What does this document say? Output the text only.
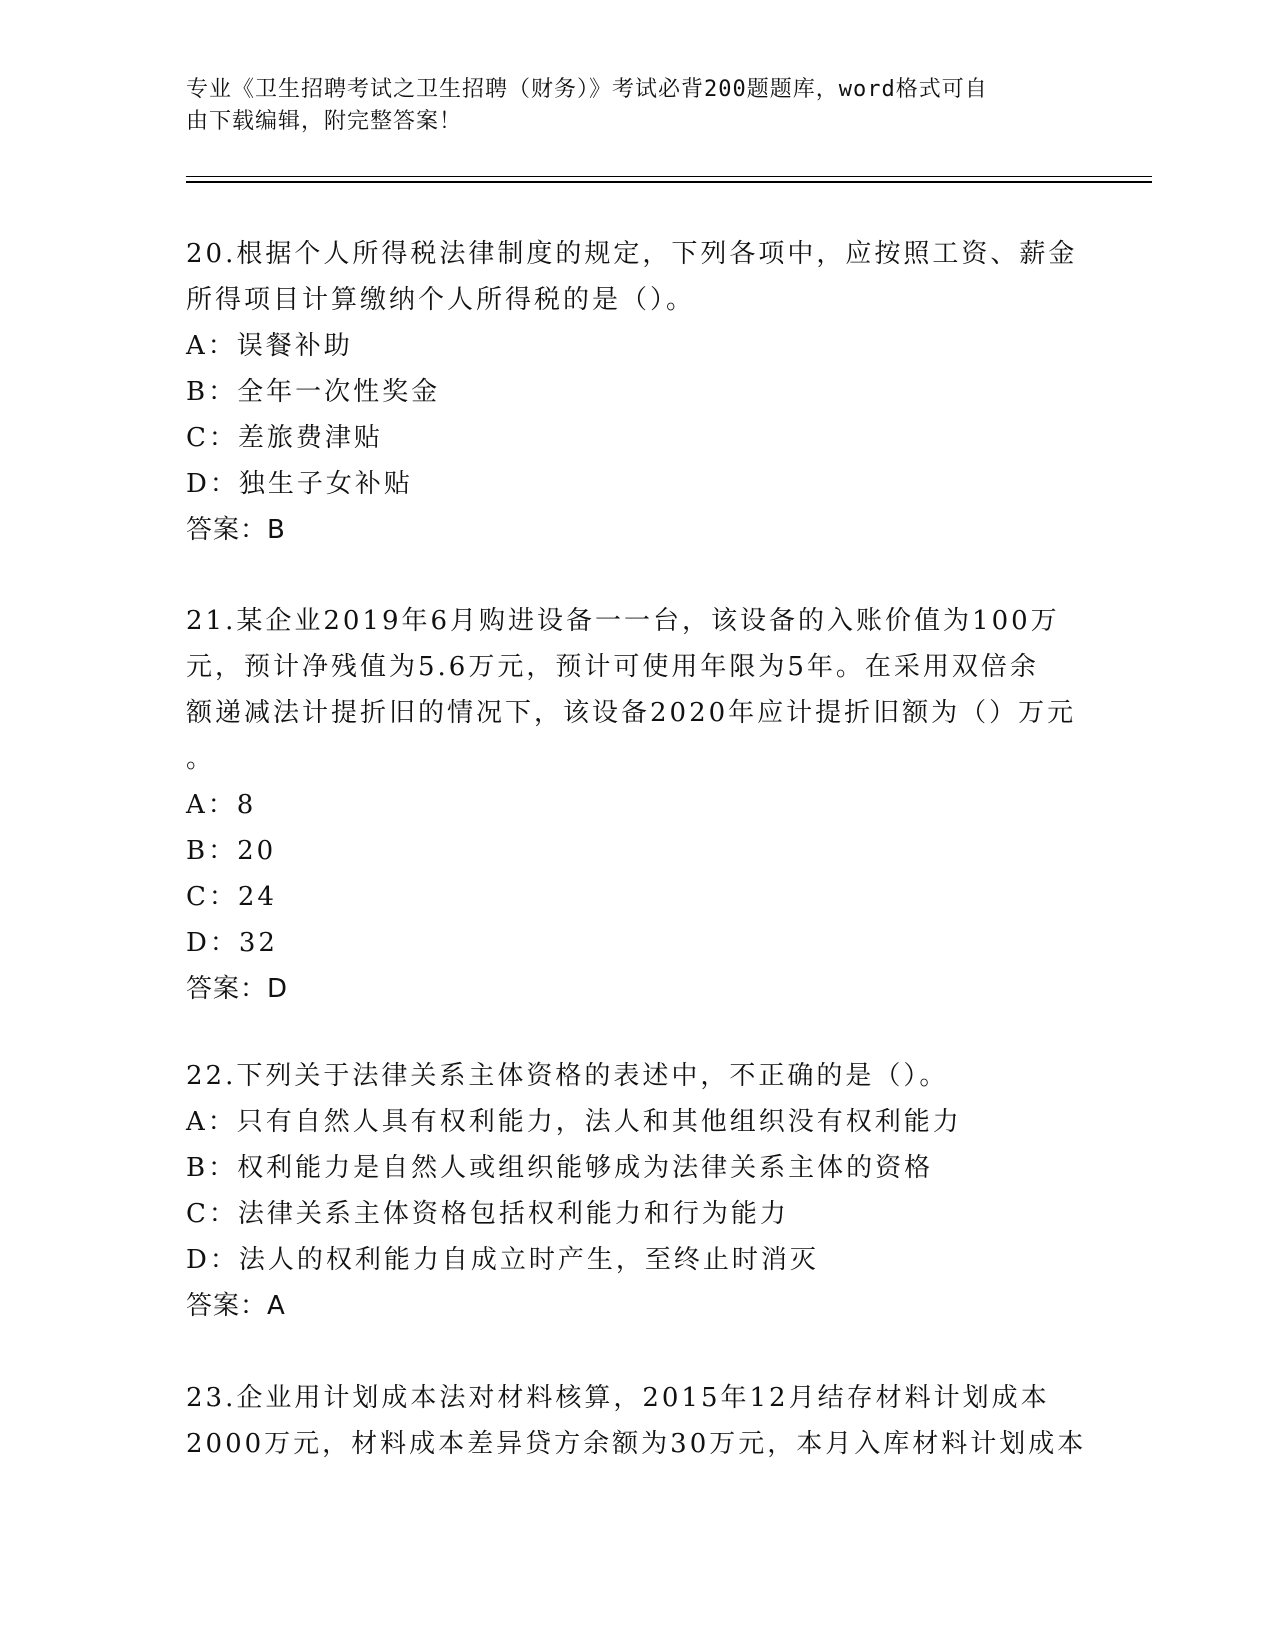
专业《卫生招聘考试之卫生招聘（财务）》考试必背200题题库，word格式可自
由下载编辑，附完整答案！

20.根据个人所得税法律制度的规定，下列各项中，应按照工资、薪金

所得项目计算缴纳个人所得税的是（）。

A：误餐补助
B：全年一次性奖金
C：差旅费津贴
D：独生子女补贴

答案：B

21.某企业2019年6月购进设备一一台，该设备的入账价值为100万

元，预计净残值为5.6万元，预计可使用年限为5年。在采用双倍余

额递减法计提折旧的情况下，该设备2020年应计提折旧额为（）万元

。

A：8
B：20
C：24
D：32

答案：D

22.下列关于法律关系主体资格的表述中，不正确的是（）。

A：只有自然人具有权利能力，法人和其他组织没有权利能力
B：权利能力是自然人或组织能够成为法律关系主体的资格
C：法律关系主体资格包括权利能力和行为能力
D：法人的权利能力自成立时产生，至终止时消灭

答案：A

23.企业用计划成本法对材料核算，2015年12月结存材料计划成本

2000万元，材料成本差异贷方余额为30万元，本月入库材料计划成本
